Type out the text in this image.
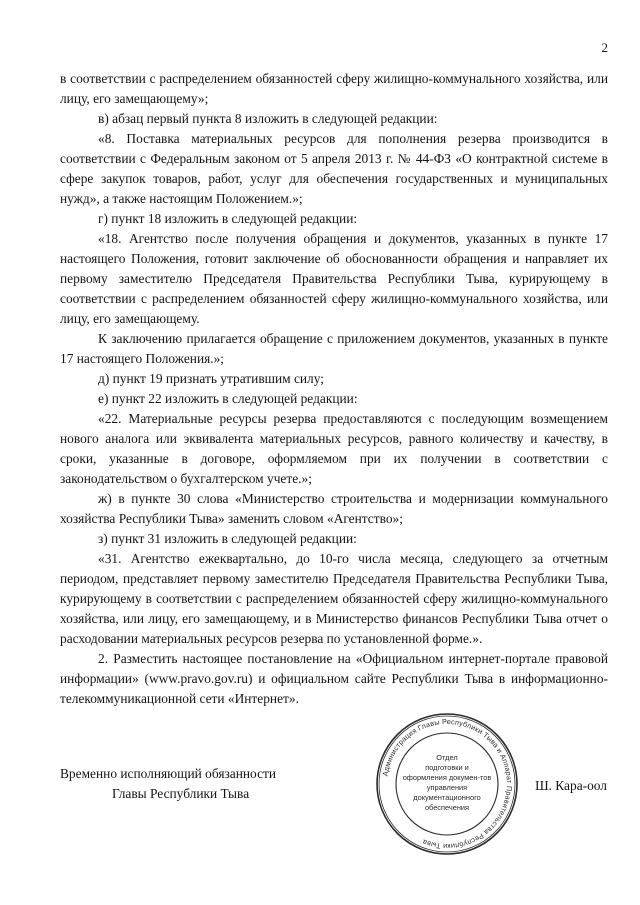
2

в соответствии с распределением обязанностей сферу жилищно-коммунального хозяйства, или лицу, его замещающему»;

в) абзац первый пункта 8 изложить в следующей редакции:

«8. Поставка материальных ресурсов для пополнения резерва производится в соответствии с Федеральным законом от 5 апреля 2013 г. № 44-ФЗ «О контрактной системе в сфере закупок товаров, работ, услуг для обеспечения государственных и муниципальных нужд», а также настоящим Положением.»;

г) пункт 18 изложить в следующей редакции:

«18. Агентство после получения обращения и документов, указанных в пункте 17 настоящего Положения, готовит заключение об обоснованности обращения и направляет их первому заместителю Председателя Правительства Республики Тыва, курирующему в соответствии с распределением обязанностей сферу жилищно-коммунального хозяйства, или лицу, его замещающему.

К заключению прилагается обращение с приложением документов, указанных в пункте 17 настоящего Положения.»;

д) пункт 19 признать утратившим силу;

е) пункт 22 изложить в следующей редакции:

«22. Материальные ресурсы резерва предоставляются с последующим возмещением нового аналога или эквивалента материальных ресурсов, равного количеству и качеству, в сроки, указанные в договоре, оформляемом при их получении в соответствии с законодательством о бухгалтерском учете.»;

ж) в пункте 30 слова «Министерство строительства и модернизации коммунального хозяйства Республики Тыва» заменить словом «Агентство»;

з) пункт 31 изложить в следующей редакции:

«31. Агентство ежеквартально, до 10-го числа месяца, следующего за отчетным периодом, представляет первому заместителю Председателя Правительства Республики Тыва, курирующему в соответствии с распределением обязанностей сферу жилищно-коммунального хозяйства, или лицу, его замещающему, и в Министерство финансов Республики Тыва отчет о расходовании материальных ресурсов резерва по установленной форме.».

2. Разместить настоящее постановление на «Официальном интернет-портале правовой информации» (www.pravo.gov.ru) и официальном сайте Республики Тыва в информационно-телекоммуникационной сети «Интернет».

Временно исполняющий обязанности
Главы Республики Тыва
Администрация Главы Республики Тыва и Аппарат Правительства Республики Тыва
Отдел
подготовки и
оформления докумен-тов
управления
документационного
обеспечения
Ш. Кара-оол
